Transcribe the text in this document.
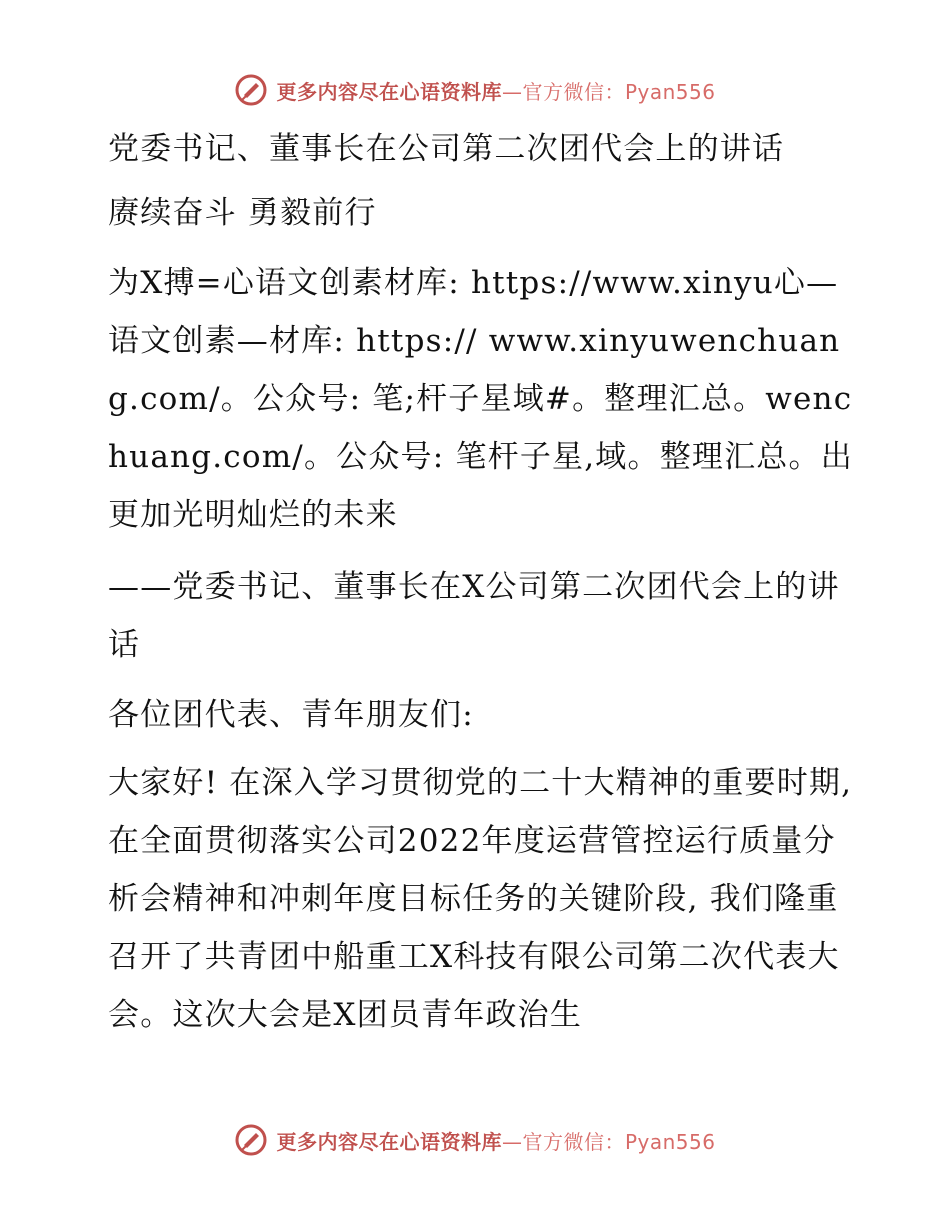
更多内容尽在心语资料库—官方微信：Pyan556

党委书记、董事长在公司第二次团代会上的讲话

赓续奋斗 勇毅前行

为X搏=心语文创素材库: https://www.xinyu心—语文创素—材库: https:// www.xinyuwenchuang.com/。公众号: 笔;杆子星域#。整理汇总。wenchuang.com/。公众号: 笔杆子星,域。整理汇总。出更加光明灿烂的未来

——党委书记、董事长在X公司第二次团代会上的讲话

各位团代表、青年朋友们:

大家好! 在深入学习贯彻党的二十大精神的重要时期, 在全面贯彻落实公司2022年度运营管控运行质量分析会精神和冲刺年度目标任务的关键阶段, 我们隆重召开了共青团中船重工X科技有限公司第二次代表大会。这次大会是X团员青年政治生

更多内容尽在心语资料库—官方微信：Pyan556
